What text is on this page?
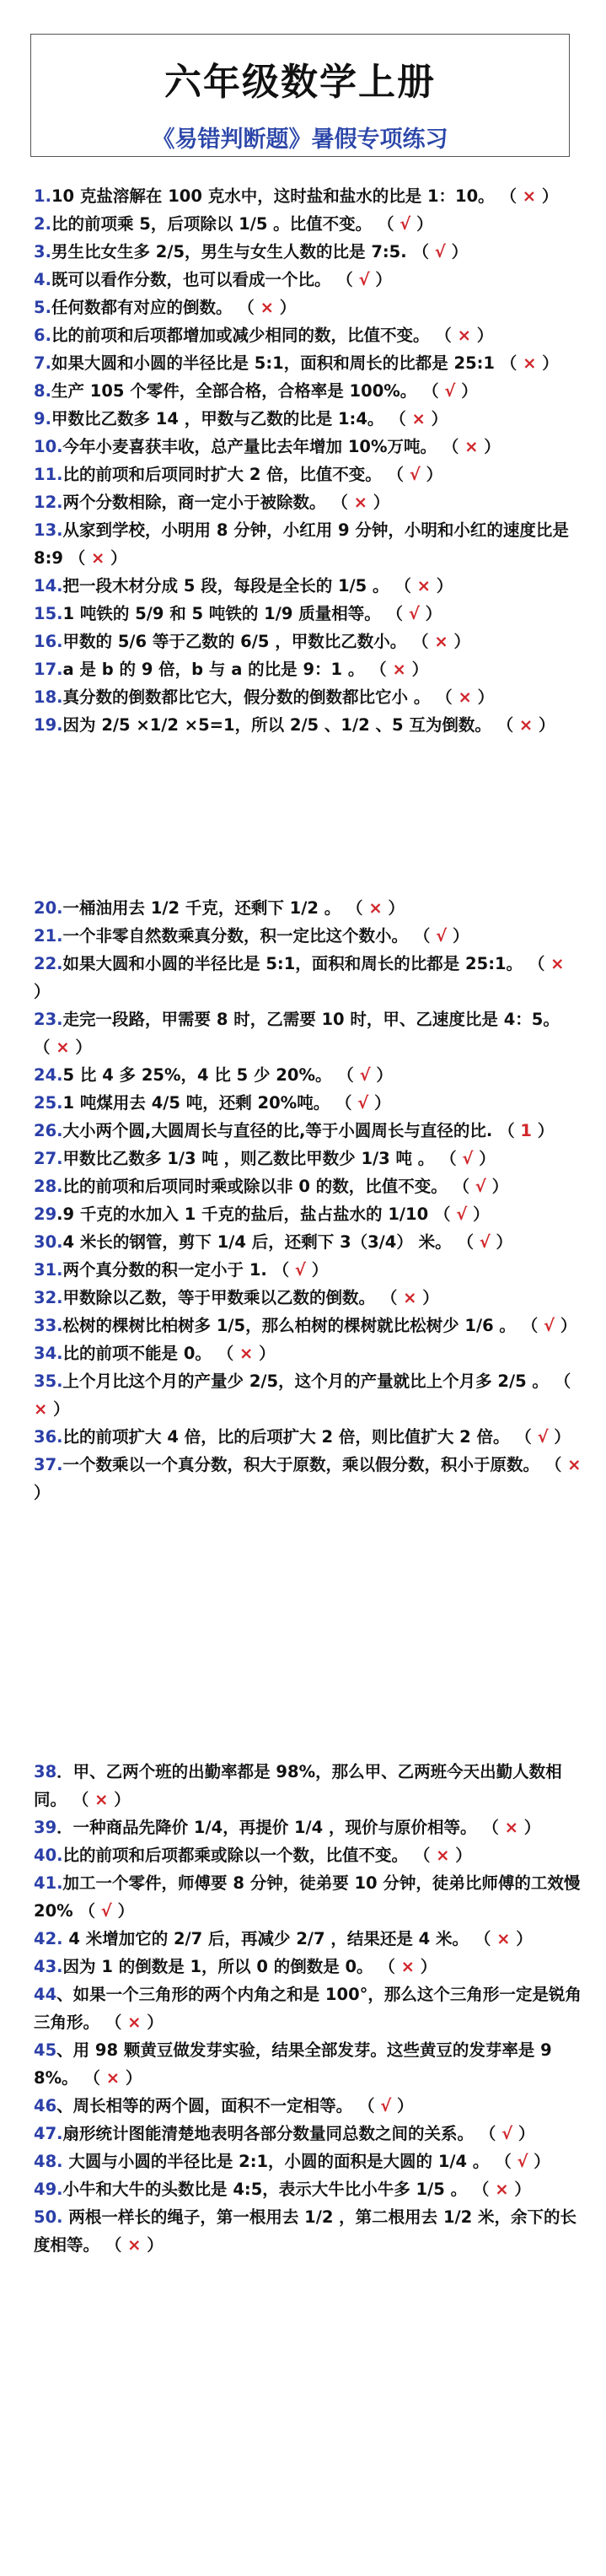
六年级数学上册
《易错判断题》暑假专项练习

1.10 克盐溶解在 100 克水中，这时盐和盐水的比是 1：10。 （ × ）

2.比的前项乘 5，后项除以 1/5 。比值不变。 （ √ ）

3.男生比女生多 2/5，男生与女生人数的比是 7:5. （ √ ）

4.既可以看作分数，也可以看成一个比。 （ √ ）

5.任何数都有对应的倒数。 （ × ）

6.比的前项和后项都增加或减少相同的数，比值不变。 （ × ）

7.如果大圆和小圆的半径比是 5:1，面积和周长的比都是 25:1 （ × ）

8.生产 105 个零件，全部合格，合格率是 100%。 （ √ ）

9.甲数比乙数多 14 ，甲数与乙数的比是 1:4。 （ × ）

10.今年小麦喜获丰收，总产量比去年增加 10%万吨。 （ × ）

11.比的前项和后项同时扩大 2 倍，比值不变。 （ √ ）

12.两个分数相除，商一定小于被除数。 （ × ）

13.从家到学校，小明用 8 分钟，小红用 9 分钟，小明和小红的速度比是 8:9 （ × ）

14.把一段木材分成 5 段，每段是全长的 1/5 。 （ × ）

15.1 吨铁的 5/9 和 5 吨铁的 1/9 质量相等。 （ √ ）

16.甲数的 5/6 等于乙数的 6/5 ，甲数比乙数小。 （ × ）

17.a 是 b 的 9 倍，b 与 a 的比是 9：1 。 （ × ）

18.真分数的倒数都比它大，假分数的倒数都比它小 。 （ × ）

19.因为 2/5 ×1/2 ×5=1，所以 2/5 、1/2 、5 互为倒数。 （ × ）

20.一桶油用去 1/2 千克，还剩下 1/2 。 （ × ）

21.一个非零自然数乘真分数，积一定比这个数小。 （ √ ）

22.如果大圆和小圆的半径比是 5:1，面积和周长的比都是 25:1。 （ × ）

23.走完一段路，甲需要 8 时，乙需要 10 时，甲、乙速度比是 4：5。 （ × ）

24.5 比 4 多 25%，4 比 5 少 20%。 （ √ ）

25.1 吨煤用去 4/5 吨，还剩 20%吨。 （ √ ）

26.大小两个圆,大圆周长与直径的比,等于小圆周长与直径的比. （ 1 ）

27.甲数比乙数多 1/3 吨 ，则乙数比甲数少 1/3 吨 。 （ √ ）

28.比的前项和后项同时乘或除以非 0 的数，比值不变。 （ √ ）

29.9 千克的水加入 1 千克的盐后，盐占盐水的 1/10 （ √ ）

30.4 米长的钢管，剪下 1/4 后，还剩下 3（3/4） 米。 （ √ ）

31.两个真分数的积一定小于 1. （ √ ）

32.甲数除以乙数，等于甲数乘以乙数的倒数。 （ × ）

33.松树的棵树比柏树多 1/5，那么柏树的棵树就比松树少 1/6 。 （ √ ）

34.比的前项不能是 0。 （ × ）

35.上个月比这个月的产量少 2/5，这个月的产量就比上个月多 2/5 。 （ × ）

36.比的前项扩大 4 倍，比的后项扩大 2 倍，则比值扩大 2 倍。 （ √ ）

37.一个数乘以一个真分数，积大于原数，乘以假分数，积小于原数。 （ × ）

38．甲、乙两个班的出勤率都是 98%，那么甲、乙两班今天出勤人数相同。 （ × ）

39．一种商品先降价 1/4，再提价 1/4 ，现价与原价相等。 （ × ）

40.比的前项和后项都乘或除以一个数，比值不变。 （ × ）

41.加工一个零件，师傅要 8 分钟，徒弟要 10 分钟，徒弟比师傅的工效慢 20% （ √ ）

42. 4 米增加它的 2/7 后，再减少 2/7 ，结果还是 4 米。 （ × ）

43.因为 1 的倒数是 1，所以 0 的倒数是 0。 （ × ）

44、如果一个三角形的两个内角之和是 100°，那么这个三角形一定是锐角三角形。 （ × ）

45、用 98 颗黄豆做发芽实验，结果全部发芽。这些黄豆的发芽率是 98%。 （ × ）

46、周长相等的两个圆，面积不一定相等。 （ √ ）

47.扇形统计图能清楚地表明各部分数量同总数之间的关系。 （ √ ）

48. 大圆与小圆的半径比是 2:1，小圆的面积是大圆的 1/4 。 （ √ ）

49.小牛和大牛的头数比是 4:5，表示大牛比小牛多 1/5 。 （ × ）

50. 两根一样长的绳子，第一根用去 1/2 ，第二根用去 1/2 米，余下的长度相等。 （ × ）
